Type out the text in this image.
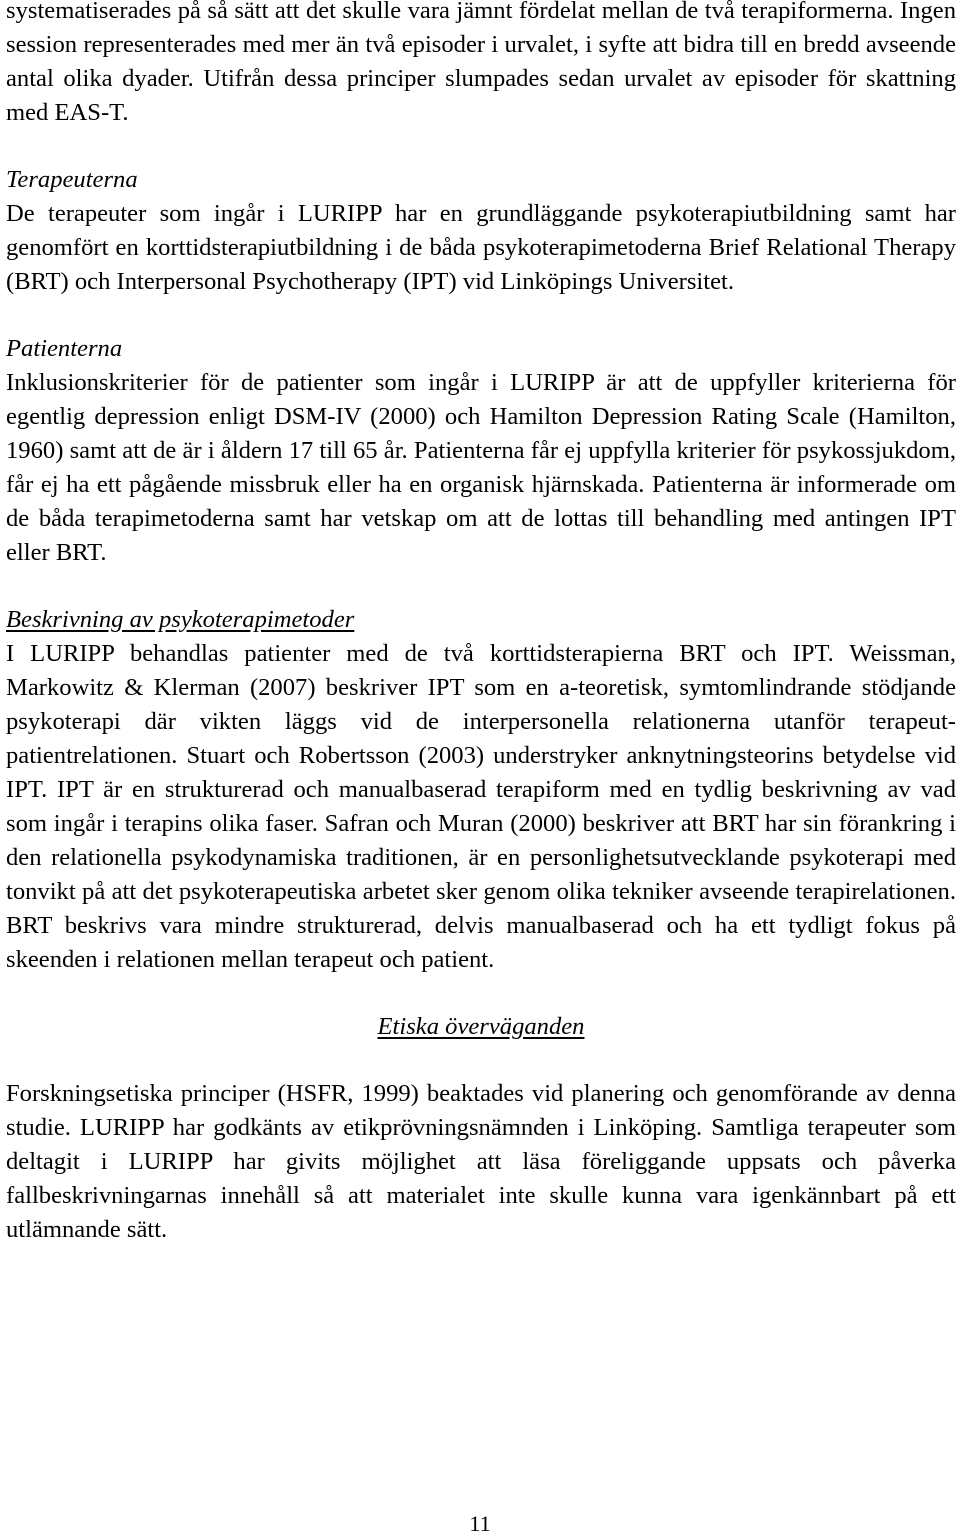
systematiserades på så sätt att det skulle vara jämnt fördelat mellan de två terapiformerna. Ingen session representerades med mer än två episoder i urvalet, i syfte att bidra till en bredd avseende antal olika dyader. Utifrån dessa principer slumpades sedan urvalet av episoder för skattning med EAS-T.

Terapeuterna

De terapeuter som ingår i LURIPP har en grundläggande psykoterapiutbildning samt har genomfört en korttidsterapiutbildning i de båda psykoterapimetoderna Brief Relational Therapy (BRT) och Interpersonal Psychotherapy (IPT) vid Linköpings Universitet.

Patienterna

Inklusionskriterier för de patienter som ingår i LURIPP är att de uppfyller kriterierna för egentlig depression enligt DSM-IV (2000) och Hamilton Depression Rating Scale (Hamilton, 1960) samt att de är i åldern 17 till 65 år. Patienterna får ej uppfylla kriterier för psykossjukdom, får ej ha ett pågående missbruk eller ha en organisk hjärnskada. Patienterna är informerade om de båda terapimetoderna samt har vetskap om att de lottas till behandling med antingen IPT eller BRT.

Beskrivning av psykoterapimetoder

I LURIPP behandlas patienter med de två korttidsterapierna BRT och IPT. Weissman, Markowitz & Klerman (2007) beskriver IPT som en a-teoretisk, symtomlindrande stödjande psykoterapi där vikten läggs vid de interpersonella relationerna utanför terapeut-patientrelationen. Stuart och Robertsson (2003) understryker anknytningsteorins betydelse vid IPT. IPT är en strukturerad och manualbaserad terapiform med en tydlig beskrivning av vad som ingår i terapins olika faser. Safran och Muran (2000) beskriver att BRT har sin förankring i den relationella psykodynamiska traditionen, är en personlighetsutvecklande psykoterapi med tonvikt på att det psykoterapeutiska arbetet sker genom olika tekniker avseende terapirelationen. BRT beskrivs vara mindre strukturerad, delvis manualbaserad och ha ett tydligt fokus på skeenden i relationen mellan terapeut och patient.

Etiska överväganden

Forskningsetiska principer (HSFR, 1999) beaktades vid planering och genomförande av denna studie. LURIPP har godkänts av etikprövningsnämnden i Linköping. Samtliga terapeuter som deltagit i LURIPP har givits möjlighet att läsa föreliggande uppsats och påverka fallbeskrivningarnas innehåll så att materialet inte skulle kunna vara igenkännbart på ett utlämnande sätt.

11
